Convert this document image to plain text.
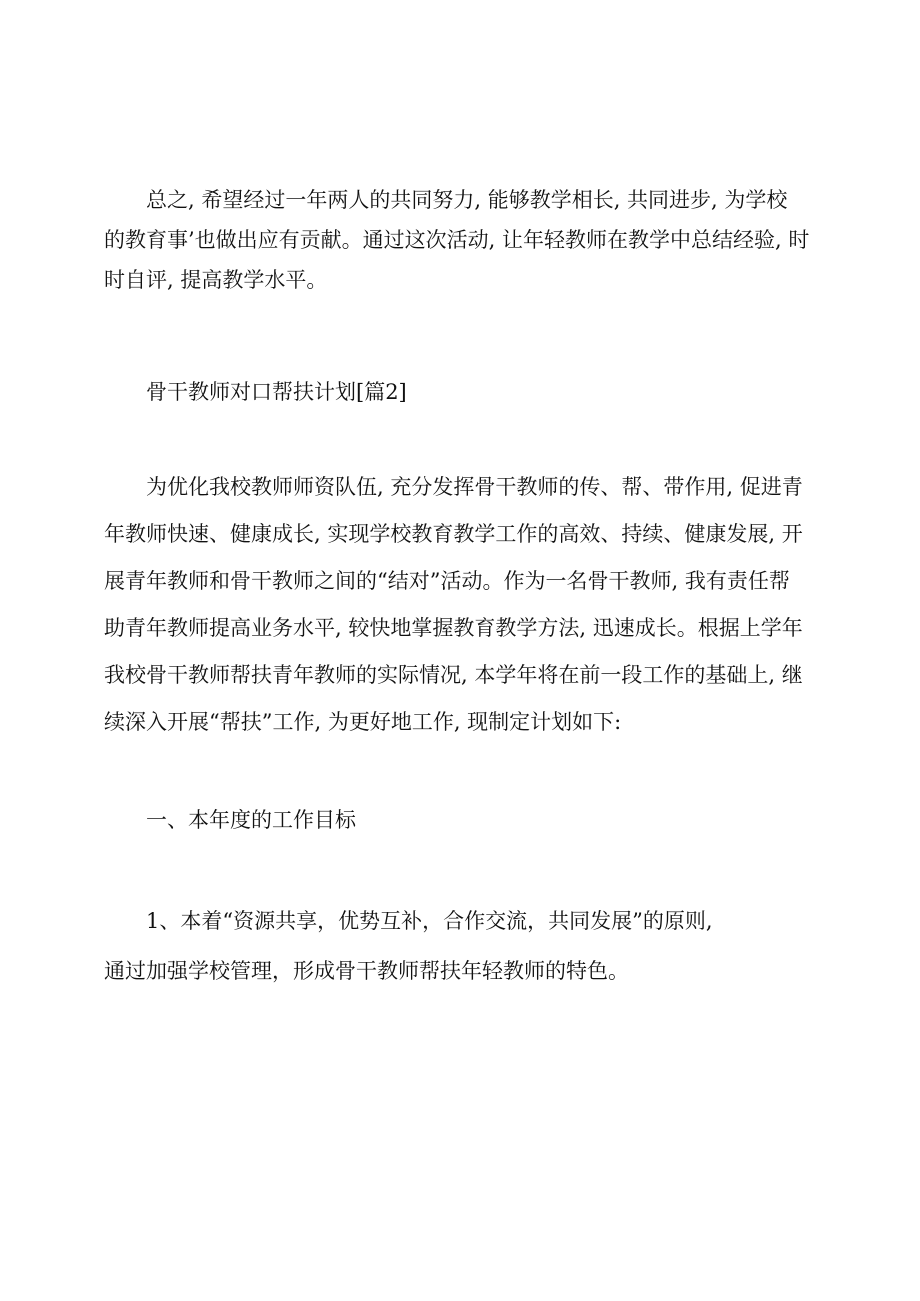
总之, 希望经过一年两人的共同努力, 能够教学相长, 共同进步, 为学校
的教育事’也做出应有贡献。通过这次活动, 让年轻教师在教学中总结经验, 时
时自评, 提高教学水平。
骨干教师对口帮扶计划[篇2]
为优化我校教师师资队伍, 充分发挥骨干教师的传、帮、带作用, 促进青
年教师快速、健康成长, 实现学校教育教学工作的高效、持续、健康发展, 开
展青年教师和骨干教师之间的“结对”活动。作为一名骨干教师, 我有责任帮
助青年教师提高业务水平, 较快地掌握教育教学方法, 迅速成长。根据上学年
我校骨干教师帮扶青年教师的实际情况, 本学年将在前一段工作的基础上, 继
续深入开展“帮扶”工作, 为更好地工作, 现制定计划如下:
一、本年度的工作目标
1、本着“资源共享，优势互补，合作交流，共同发展”的原则,
通过加强学校管理，形成骨干教师帮扶年轻教师的特色。
